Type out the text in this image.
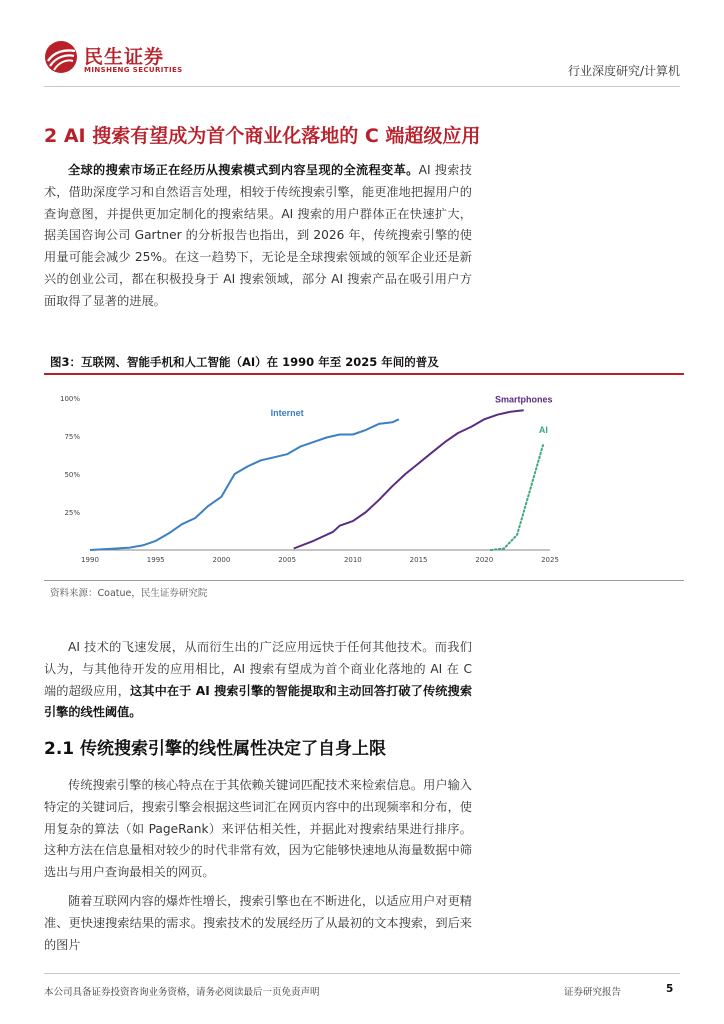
民生证券
MINSHENG SECURITIES	行业深度研究/计算机
2 AI 搜索有望成为首个商业化落地的 C 端超级应用
全球的搜索市场正在经历从搜索模式到内容呈现的全流程变革。AI 搜索技术，借助深度学习和自然语言处理，相较于传统搜索引擎，能更准地把握用户的查询意图，并提供更加定制化的搜索结果。AI 搜索的用户群体正在快速扩大，据美国咨询公司 Gartner 的分析报告也指出，到 2026 年，传统搜索引擎的使用量可能会减少 25%。在这一趋势下，无论是全球搜索领域的领军企业还是新兴的创业公司，都在积极投身于 AI 搜索领域，部分 AI 搜索产品在吸引用户方面取得了显著的进展。
图3：互联网、智能手机和人工智能（AI）在 1990 年至 2025 年间的普及
1990	1995	2000	2005	2010	2015	2020	2025
25%
50%
75%
100%
Internet
Smartphones
AI
资料来源：Coatue，民生证券研究院
AI 技术的飞速发展，从而衍生出的广泛应用远快于任何其他技术。而我们认为，与其他待开发的应用相比，AI 搜索有望成为首个商业化落地的 AI 在 C 端的超级应用，这其中在于 AI 搜索引擎的智能提取和主动回答打破了传统搜索引擎的线性阈值。
2.1 传统搜索引擎的线性属性决定了自身上限
传统搜索引擎的核心特点在于其依赖关键词匹配技术来检索信息。用户输入特定的关键词后，搜索引擎会根据这些词汇在网页内容中的出现频率和分布，使用复杂的算法（如 PageRank）来评估相关性，并据此对搜索结果进行排序。这种方法在信息量相对较少的时代非常有效，因为它能够快速地从海量数据中筛选出与用户查询最相关的网页。
随着互联网内容的爆炸性增长，搜索引擎也在不断进化，以适应用户对更精准、更快速搜索结果的需求。搜索技术的发展经历了从最初的文本搜索，到后来的图片
本公司具备证券投资咨询业务资格，请务必阅读最后一页免责声明	证券研究报告	5
